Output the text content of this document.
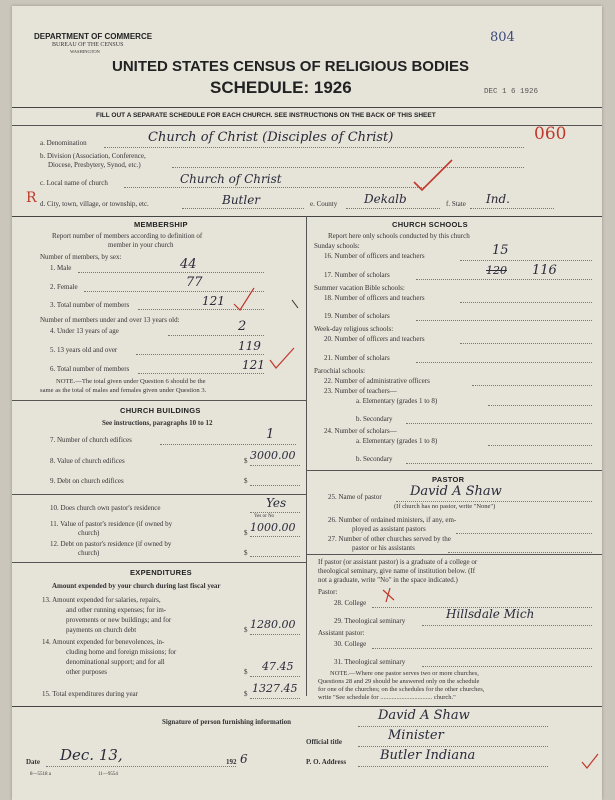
DEPARTMENT OF COMMERCE
BUREAU OF THE CENSUS
WASHINGTON
804
UNITED STATES CENSUS OF RELIGIOUS BODIES
SCHEDULE: 1926	DEC 1 6 1926
FILL OUT A SEPARATE SCHEDULE FOR EACH CHURCH. SEE INSTRUCTIONS ON THE BACK OF THIS SHEET
a. Denomination	Church of Christ (Disciples of Christ)	060
b. Division (Association, Conference,
Diocese, Presbytery, Synod, etc.)
c. Local name of church	Church of Christ
R d. City, town, village, or township, etc.	Butler	e. County Dekalb	f. State Ind.
MEMBERSHIP
Report number of members according to definition of
member in your church
Number of members, by sex:
1. Male	44
2. Female	77
3. Total number of members	121
Number of members under and over 13 years old:
4. Under 13 years of age	2
5. 13 years old and over	119
6. Total number of members	121
NOTE.—The total given under Question 6 should be the
same as the total of males and females given under Question 3.
CHURCH BUILDINGS
See instructions, paragraphs 10 to 12
7. Number of church edifices	1
8. Value of church edifices	$ 3000.00
9. Debt on church edifices	$
10. Does church own pastor's residence	Yes
Yes or No
11. Value of pastor's residence (if owned by
church)	$ 1000.00
12. Debt on pastor's residence (if owned by
church)	$
EXPENDITURES
Amount expended by your church during last fiscal year
13. Amount expended for salaries, repairs,
and other running expenses; for im-
provements or new buildings; and for
payments on church debt	$ 1280.00
14. Amount expended for benevolences, in-
cluding home and foreign missions; for
denominational support; and for all
other purposes	$ 47.45
15. Total expenditures during year	$ 1327.45
CHURCH SCHOOLS
Report here only schools conducted by this church
Sunday schools:
16. Number of officers and teachers	15
17. Number of scholars	120 116
Summer vacation Bible schools:
18. Number of officers and teachers
19. Number of scholars
Week-day religious schools:
20. Number of officers and teachers
21. Number of scholars
Parochial schools:
22. Number of administrative officers
23. Number of teachers—
a. Elementary (grades 1 to 8)
b. Secondary
24. Number of scholars—
a. Elementary (grades 1 to 8)
b. Secondary
PASTOR
25. Name of pastor David A Shaw
(If church has no pastor, write "None")
26. Number of ordained ministers, if any, em-
ployed as assistant pastors
27. Number of other churches served by the
pastor or his assistants
If pastor (or assistant pastor) is a graduate of a college or
theological seminary, give name of institution below. (If
not a graduate, write "No" in the space indicated.)
Pastor:
28. College
29. Theological seminary	Hillsdale Mich
Assistant pastor:
30. College
31. Theological seminary
NOTE.—Where one pastor serves two or more churches,
Questions 28 and 29 should be answered only on the schedule
for one of the churches; on the schedules for the other churches,
write "See schedule for ................................ church."
Signature of person furnishing information	David A Shaw
Official title	Minister
Date Dec. 13,	192 6	P. O. Address	Butler Indiana
8—5518 a	11—9554
